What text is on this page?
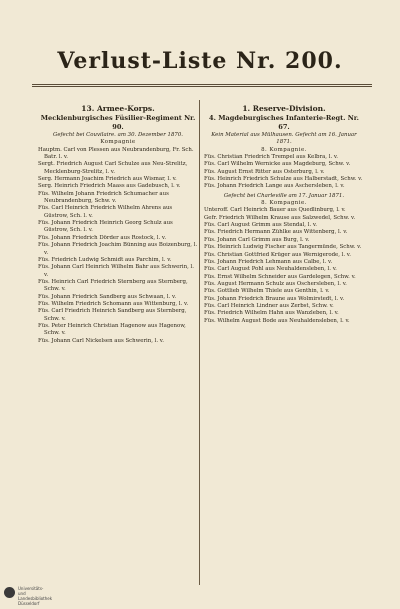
Verlust-Liste Nr. 200.
13. Armee-Korps.
Mecklenburgisches Füsilier-Regiment Nr. 90.
Gefecht bei Couvilaire. am 30. Dezember 1870.
Kompagnie
Hauptm. Carl von Plessen aus Neubrandenburg, Fr. Sch. Batr. l. v.
Sergt. Friedrich August Carl Schulze aus Neu-Strelitz, Mecklenburg-Strelitz, l. v.
Serg. Hermann Joachim Friedrich aus Wismar, l. v.
Serg. Heinrich Friedrich Maass aus Gadebusch, l. v.
Füs. Wilhelm Johann Friedrich Schumacher aus Neubrandenburg, Schw. v.
Füs. Carl Heinrich Friedrich Wilhelm Ahrens aus Güstrow, Sch. l. v.
Füs. Johann Friedrich Heinrich Georg Schulz aus Güstrow, Sch. l. v.
Füs. Johann Friedrich Dörder aus Rostock, l. v.
Füs. Johann Friedrich Joachim Bünning aus Boizenburg, l. v.
Füs. Friedrich Ludwig Schmidt aus Parchim, l. v.
Füs. Johann Carl Heinrich Wilhelm Bahr aus Schwerin, l. v.
Füs. Heinrich Carl Friedrich Sternberg aus Sternberg, Schw. v.
Füs. Johann Friedrich Sandberg aus Schwaan, l. v.
Füs. Wilhelm Friedrich Schomann aus Wittenburg, l. v.
Füs. Carl Friedrich Heinrich Sandberg aus Sternberg, Schw. v.
Füs. Peter Heinrich Christian Hagenow aus Hagenow, Schw. v.
Füs. Johann Carl Nickelsen aus Schwerin, l. v.
1. Reserve-Division.
4. Magdeburgisches Infanterie-Regt. Nr. 67.
Kein Material aus Mülhausen. Gefecht am 16. Januar 1871.
8. Kompagnie.
Füs. Christian Friedrich Trempel aus Kelbra, l. v.
Füs. Carl Wilhelm Wernicke aus Magdeburg, Schw. v.
Füs. August Ernst Ritter aus Osterburg, l. v.
Füs. Heinrich Friedrich Schulze aus Halberstadt, Schw. v.
Füs. Johann Friedrich Lange aus Aschersleben, l. v.
Gefecht bei Charleville am 17. Januar 1871.
8. Kompagnie.
Unteroff. Carl Heinrich Bauer aus Quedlinburg, l. v.
Gefr. Friedrich Wilhelm Krause aus Salzwedel, Schw. v.
Füs. Carl August Grimm aus Stendal, l. v.
Füs. Friedrich Hermann Zühlke aus Wittenberg, l. v.
Füs. Johann Carl Grimm aus Burg, l. v.
Füs. Heinrich Ludwig Fischer aus Tangermünde, Schw. v.
Füs. Christian Gottfried Krüger aus Wernigerode, l. v.
Füs. Johann Friedrich Lehmann aus Calbe, l. v.
Füs. Carl August Pohl aus Neuhaldensleben, l. v.
Füs. Ernst Wilhelm Schneider aus Gardelegen, Schw. v.
Füs. August Hermann Schulz aus Oschersleben, l. v.
Füs. Gottlieb Wilhelm Thiele aus Genthin, l. v.
Füs. Johann Friedrich Braune aus Wolmirstedt, l. v.
Füs. Carl Heinrich Lindner aus Zerbst, Schw. v.
Füs. Friedrich Wilhelm Hahn aus Wanzleben, l. v.
Füs. Wilhelm August Bode aus Neuhaldensleben, l. v.
Universitäts- und
Landesbibliothek Düsseldorf
